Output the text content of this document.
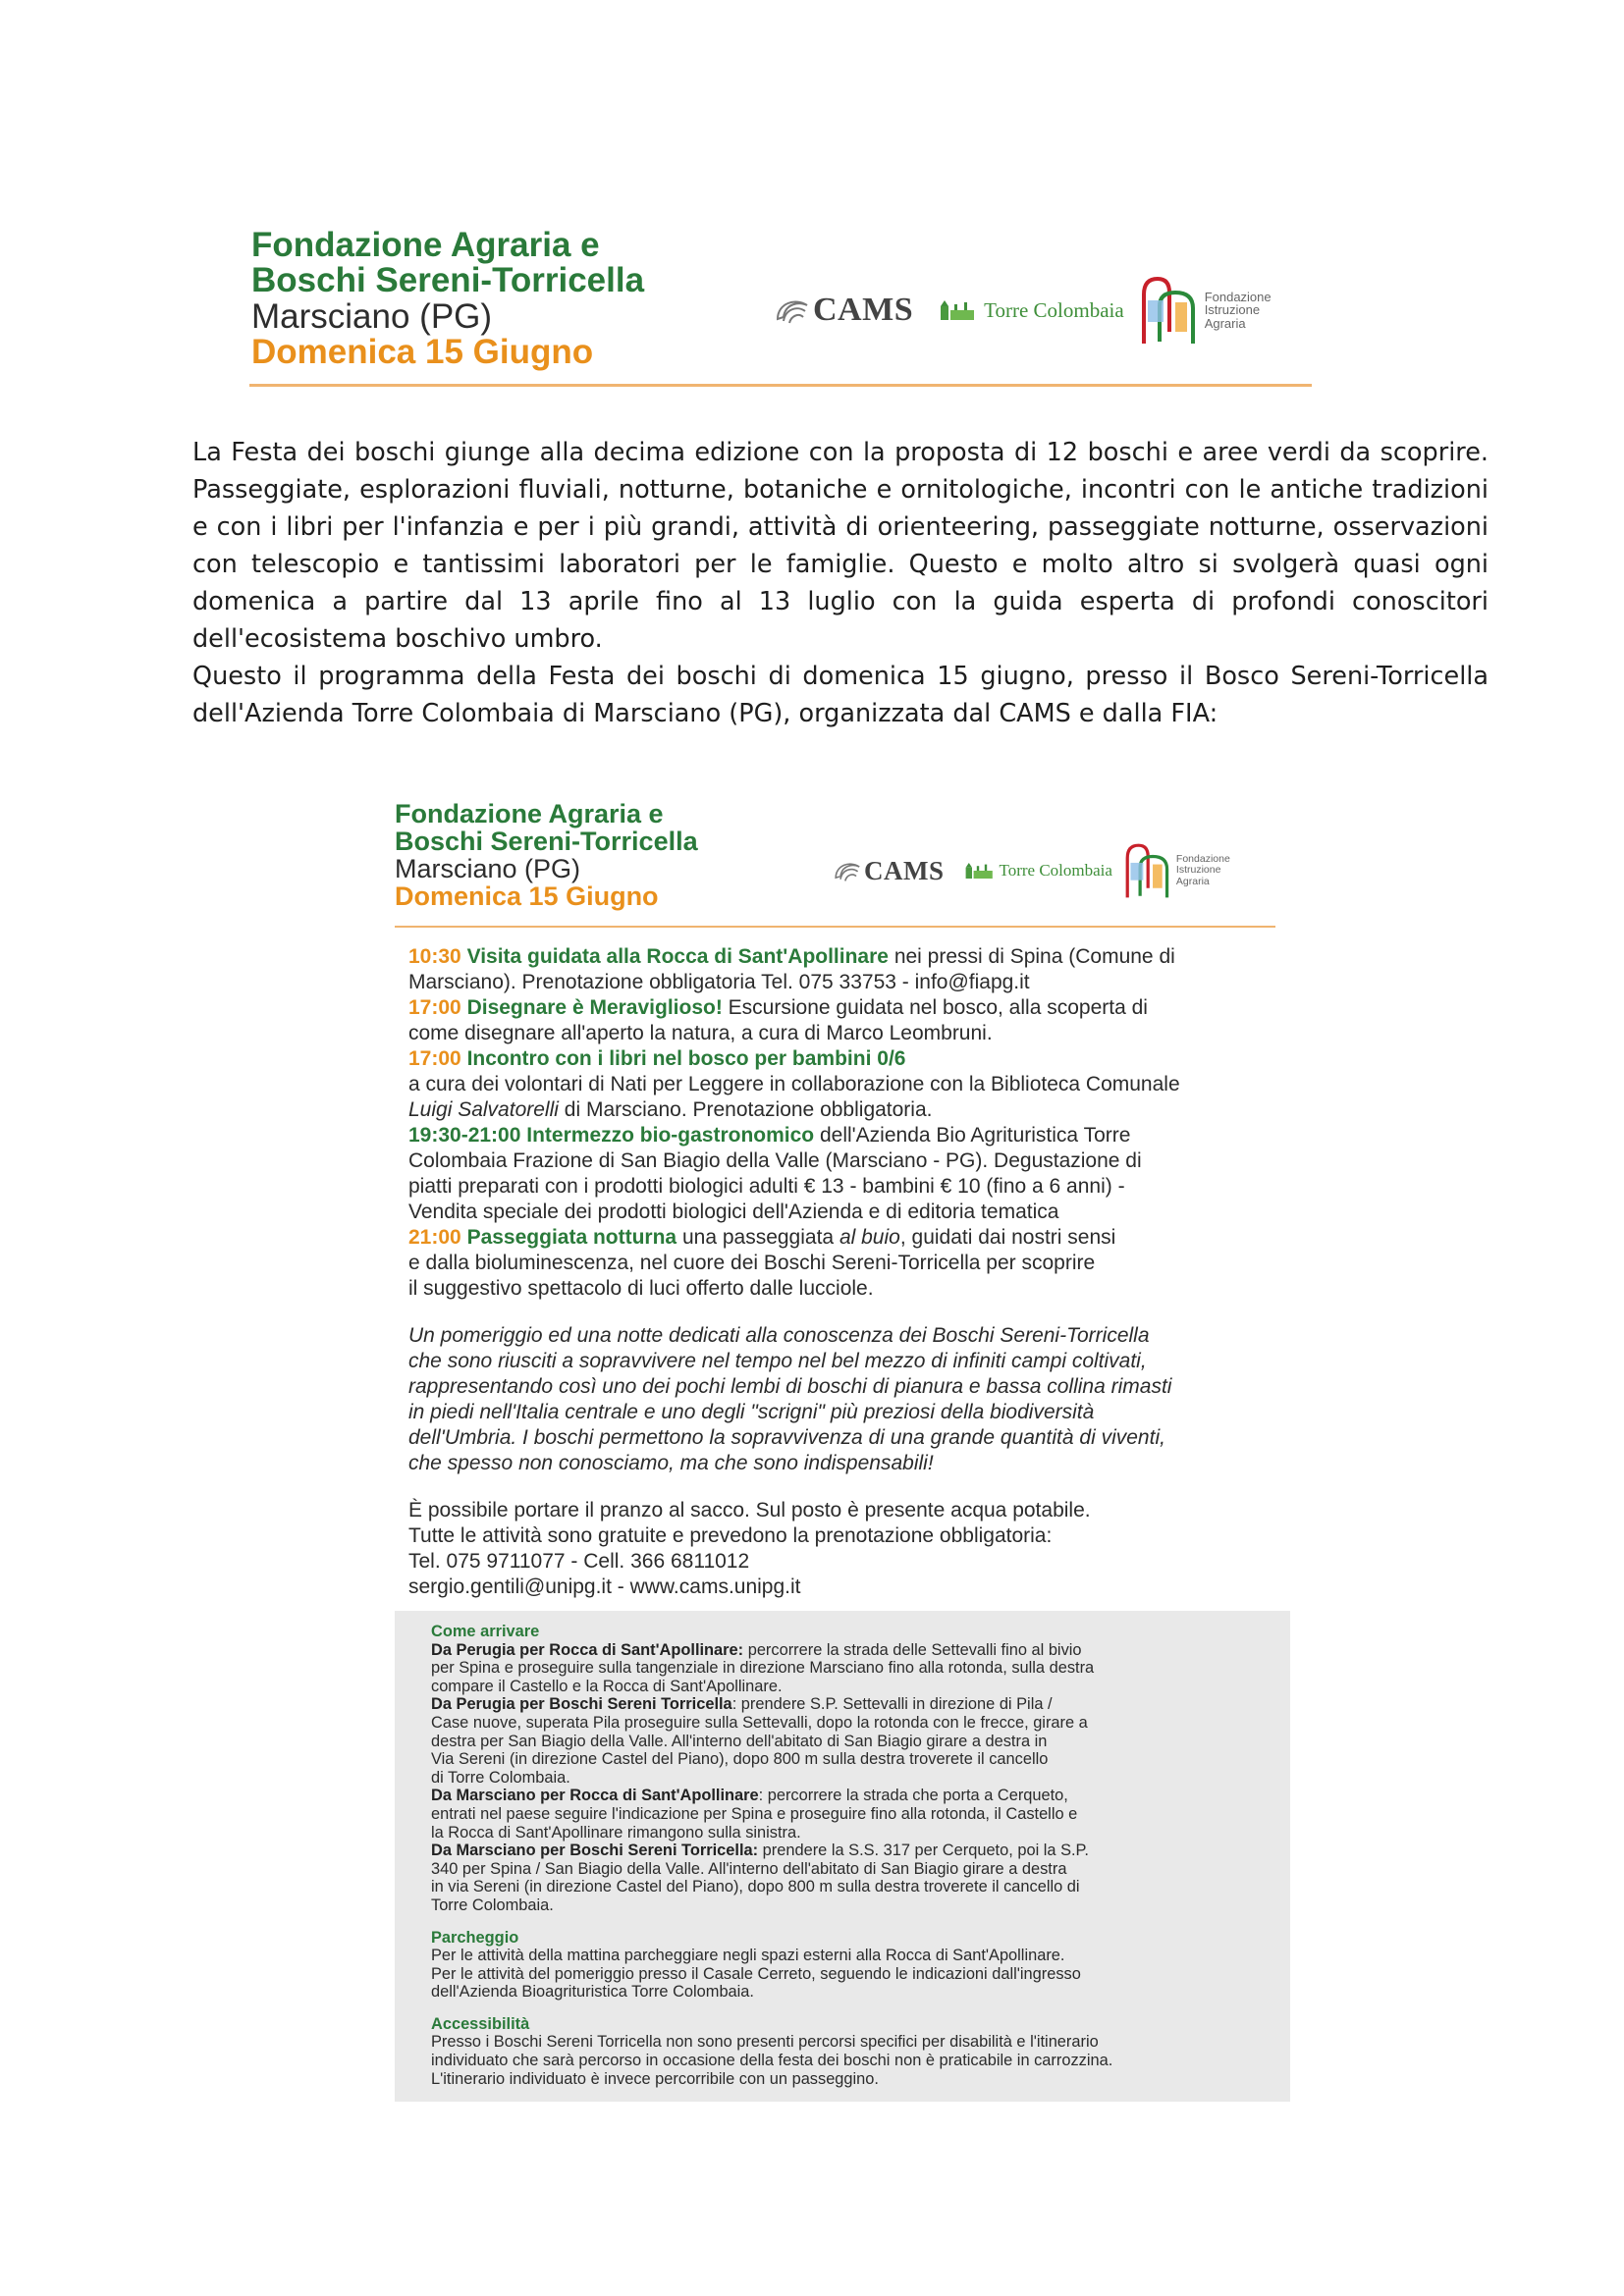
Fondazione Agraria e
Boschi Sereni-Torricella
Marsciano (PG)
Domenica 15 Giugno
CAMS	Torre Colombaia
Fondazione
Istruzione
Agraria

La Festa dei boschi giunge alla decima edizione con la proposta di 12 boschi e aree verdi da scoprire. Passeggiate, esplorazioni fluviali, notturne, botaniche e ornitologiche, incontri con le antiche tradizioni e con i libri per l'infanzia e per i più grandi, attività di orienteering, passeggiate notturne, osservazioni con telescopio e tantissimi laboratori per le famiglie. Questo e molto altro si svolgerà quasi ogni domenica a partire dal 13 aprile fino al 13 luglio con la guida esperta di profondi conoscitori dell'ecosistema boschivo umbro.

Questo il programma della Festa dei boschi di domenica 15 giugno, presso il Bosco Sereni-Torricella dell'Azienda Torre Colombaia di Marsciano (PG), organizzata dal CAMS e dalla FIA:

Fondazione Agraria e
Boschi Sereni-Torricella
Marsciano (PG)
Domenica 15 Giugno
CAMS	Torre Colombaia
Fondazione
Istruzione
Agraria

10:30 Visita guidata alla Rocca di Sant'Apollinare nei pressi di Spina (Comune di
Marsciano). Prenotazione obbligatoria Tel. 075 33753 - info@fiapg.it

17:00 Disegnare è Meraviglioso! Escursione guidata nel bosco, alla scoperta di
come disegnare all'aperto la natura, a cura di Marco Leombruni.

17:00 Incontro con i libri nel bosco per bambini 0/6
a cura dei volontari di Nati per Leggere in collaborazione con la Biblioteca Comunale
Luigi Salvatorelli di Marsciano. Prenotazione obbligatoria.

19:30-21:00 Intermezzo bio-gastronomico dell'Azienda Bio Agrituristica Torre
Colombaia Frazione di San Biagio della Valle (Marsciano - PG). Degustazione di
piatti preparati con i prodotti biologici adulti € 13 - bambini € 10 (fino a 6 anni) -
Vendita speciale dei prodotti biologici dell'Azienda e di editoria tematica

21:00 Passeggiata notturna una passeggiata al buio, guidati dai nostri sensi
e dalla bioluminescenza, nel cuore dei Boschi Sereni-Torricella per scoprire
il suggestivo spettacolo di luci offerto dalle lucciole.

Un pomeriggio ed una notte dedicati alla conoscenza dei Boschi Sereni-Torricella
che sono riusciti a sopravvivere nel tempo nel bel mezzo di infiniti campi coltivati,
rappresentando così uno dei pochi lembi di boschi di pianura e bassa collina rimasti
in piedi nell'Italia centrale e uno degli "scrigni" più preziosi della biodiversità
dell'Umbria. I boschi permettono la sopravvivenza di una grande quantità di viventi,
che spesso non conosciamo, ma che sono indispensabili!

È possibile portare il pranzo al sacco. Sul posto è presente acqua potabile.
Tutte le attività sono gratuite e prevedono la prenotazione obbligatoria:
Tel. 075 9711077 - Cell. 366 6811012
sergio.gentili@unipg.it - www.cams.unipg.it

Come arrivare

Da Perugia per Rocca di Sant'Apollinare: percorrere la strada delle Settevalli fino al bivio
per Spina e proseguire sulla tangenziale in direzione Marsciano fino alla rotonda, sulla destra
compare il Castello e la Rocca di Sant'Apollinare.

Da Perugia per Boschi Sereni Torricella: prendere S.P. Settevalli in direzione di Pila /
Case nuove, superata Pila proseguire sulla Settevalli, dopo la rotonda con le frecce, girare a
destra per San Biagio della Valle. All'interno dell'abitato di San Biagio girare a destra in
Via Sereni (in direzione Castel del Piano), dopo 800 m sulla destra troverete il cancello
di Torre Colombaia.

Da Marsciano per Rocca di Sant'Apollinare: percorrere la strada che porta a Cerqueto,
entrati nel paese seguire l'indicazione per Spina e proseguire fino alla rotonda, il Castello e
la Rocca di Sant'Apollinare rimangono sulla sinistra.

Da Marsciano per Boschi Sereni Torricella: prendere la S.S. 317 per Cerqueto, poi la S.P.
340 per Spina / San Biagio della Valle. All'interno dell'abitato di San Biagio girare a destra
in via Sereni (in direzione Castel del Piano), dopo 800 m sulla destra troverete il cancello di
Torre Colombaia.

Parcheggio

Per le attività della mattina parcheggiare negli spazi esterni alla Rocca di Sant'Apollinare.
Per le attività del pomeriggio presso il Casale Cerreto, seguendo le indicazioni dall'ingresso
dell'Azienda Bioagrituristica Torre Colombaia.

Accessibilità

Presso i Boschi Sereni Torricella non sono presenti percorsi specifici per disabilità e l'itinerario
individuato che sarà percorso in occasione della festa dei boschi non è praticabile in carrozzina.
L'itinerario individuato è invece percorribile con un passeggino.
